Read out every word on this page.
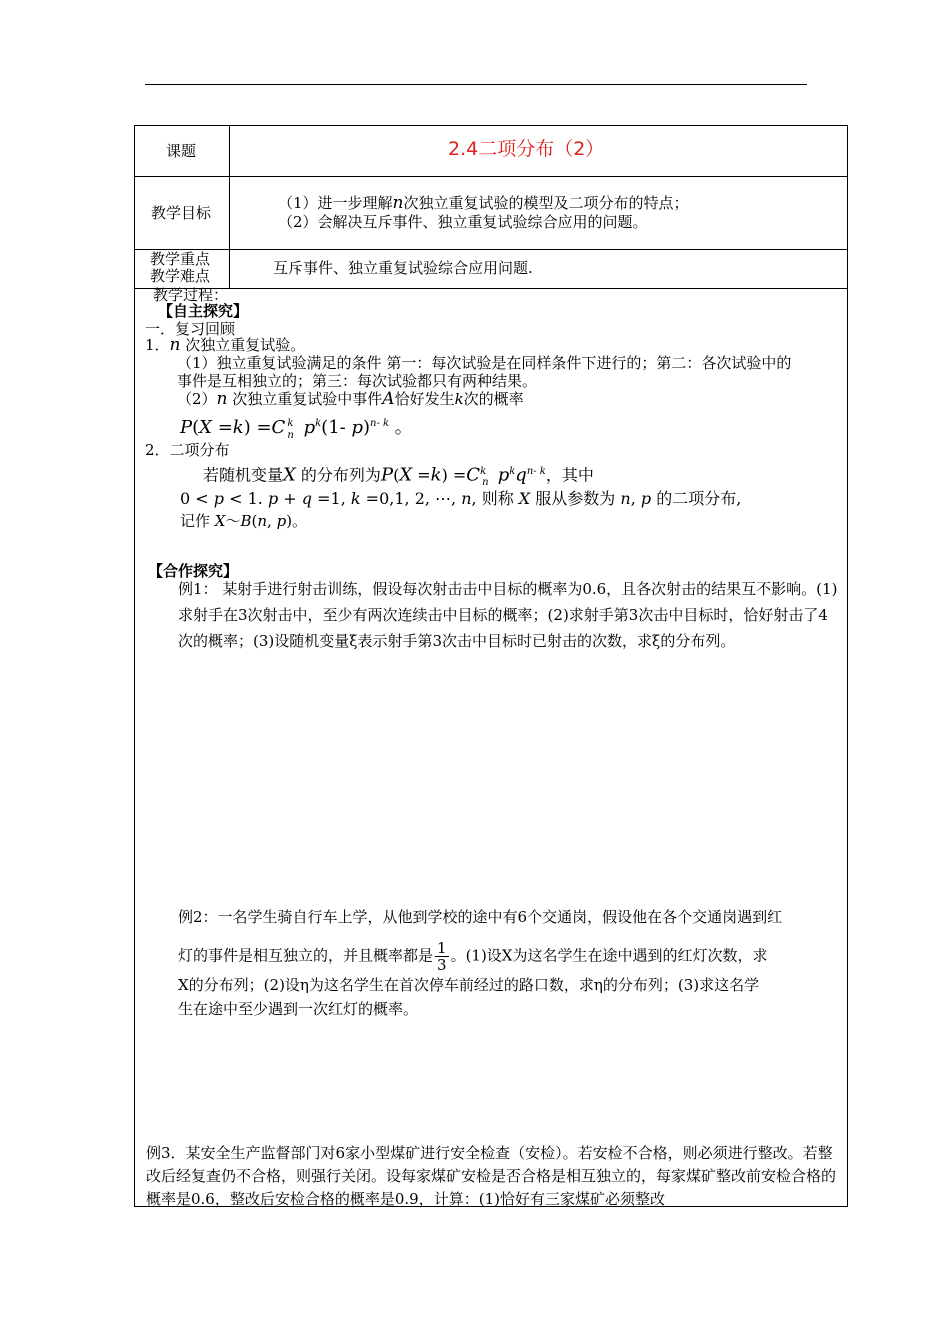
课题	2.4二项分布（2）
教学目标
（1）进一步理解n次独立重复试验的模型及二项分布的特点；
（2）会解决互斥事件、独立重复试验综合应用的问题。
教学重点
教学难点	互斥事件、独立重复试验综合应用问题.
教学过程：
【自主探究】
一．复习回顾
1．n 次独立重复试验。
（1）独立重复试验满足的条件 第一：每次试验是在同样条件下进行的；第二：各次试验中的
事件是互相独立的；第三：每次试验都只有两种结果。
（2）n 次独立重复试验中事件A恰好发生k次的概率
P(X =k) =C $^k_n$ $p^k(1-$ p)$^{n- k}$ 。
2．二项分布
若随机变量X 的分布列为$P(X =k) =C^k_n$ $p^kq^{n- k}$，其中
0 < p < 1. p + q =1, k =0,1, 2, ⋯, n, 则称 X 服从参数为 n, p 的二项分布,
记作 X～B(n, p)。
【合作探究】
例1： 某射手进行射击训练，假设每次射击击中目标的概率为0.6，且各次射击的结果互不影响。(1)求射手在3次射击中，至少有两次连续击中目标的概率；(2)求射手第3次击中目标时，恰好射击了4次的概率；(3)设随机变量ξ表示射手第3次击中目标时已射击的次数，求ξ的分布列。
例2：一名学生骑自行车上学，从他到学校的途中有6个交通岗，假设他在各个交通岗遇到红
灯的事件是相互独立的，并且概率都是 $\frac{1}{3}$ 。(1)设X为这名学生在途中遇到的红灯次数，求
X的分布列；(2)设η为这名学生在首次停车前经过的路口数，求η的分布列；(3)求这名学
生在途中至少遇到一次红灯的概率。
例3．某安全生产监督部门对6家小型煤矿进行安全检查（安检）。若安检不合格，则必须进行整改。若整改后经复查仍不合格，则强行关闭。设每家煤矿安检是否合格是相互独立的，每家煤矿整改前安检合格的概率是0.6，整改后安检合格的概率是0.9，计算：(1)恰好有三家煤矿必须整改
